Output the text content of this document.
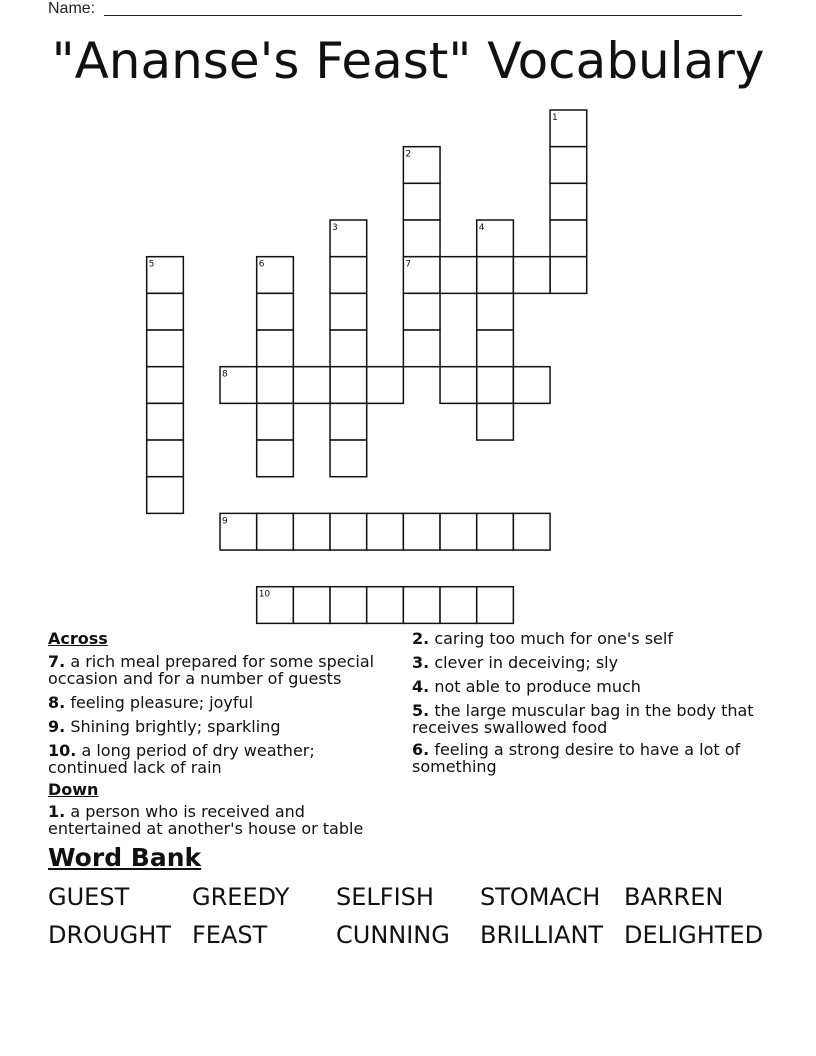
Name:
"Ananse's Feast" Vocabulary
1
2
3	4
5	6	7
8
9
10
Across
7. a rich meal prepared for some special occasion and for a number of guests
8. feeling pleasure; joyful
9. Shining brightly; sparkling
10. a long period of dry weather; continued lack of rain
Down
1. a person who is received and entertained at another's house or table
2. caring too much for one's self
3. clever in deceiving; sly
4. not able to produce much
5. the large muscular bag in the body that receives swallowed food
6. feeling a strong desire to have a lot of something
Word Bank
GUEST	GREEDY SELFISH STOMACH BARREN
DROUGHT FEAST	CUNNING BRILLIANT DELIGHTED
